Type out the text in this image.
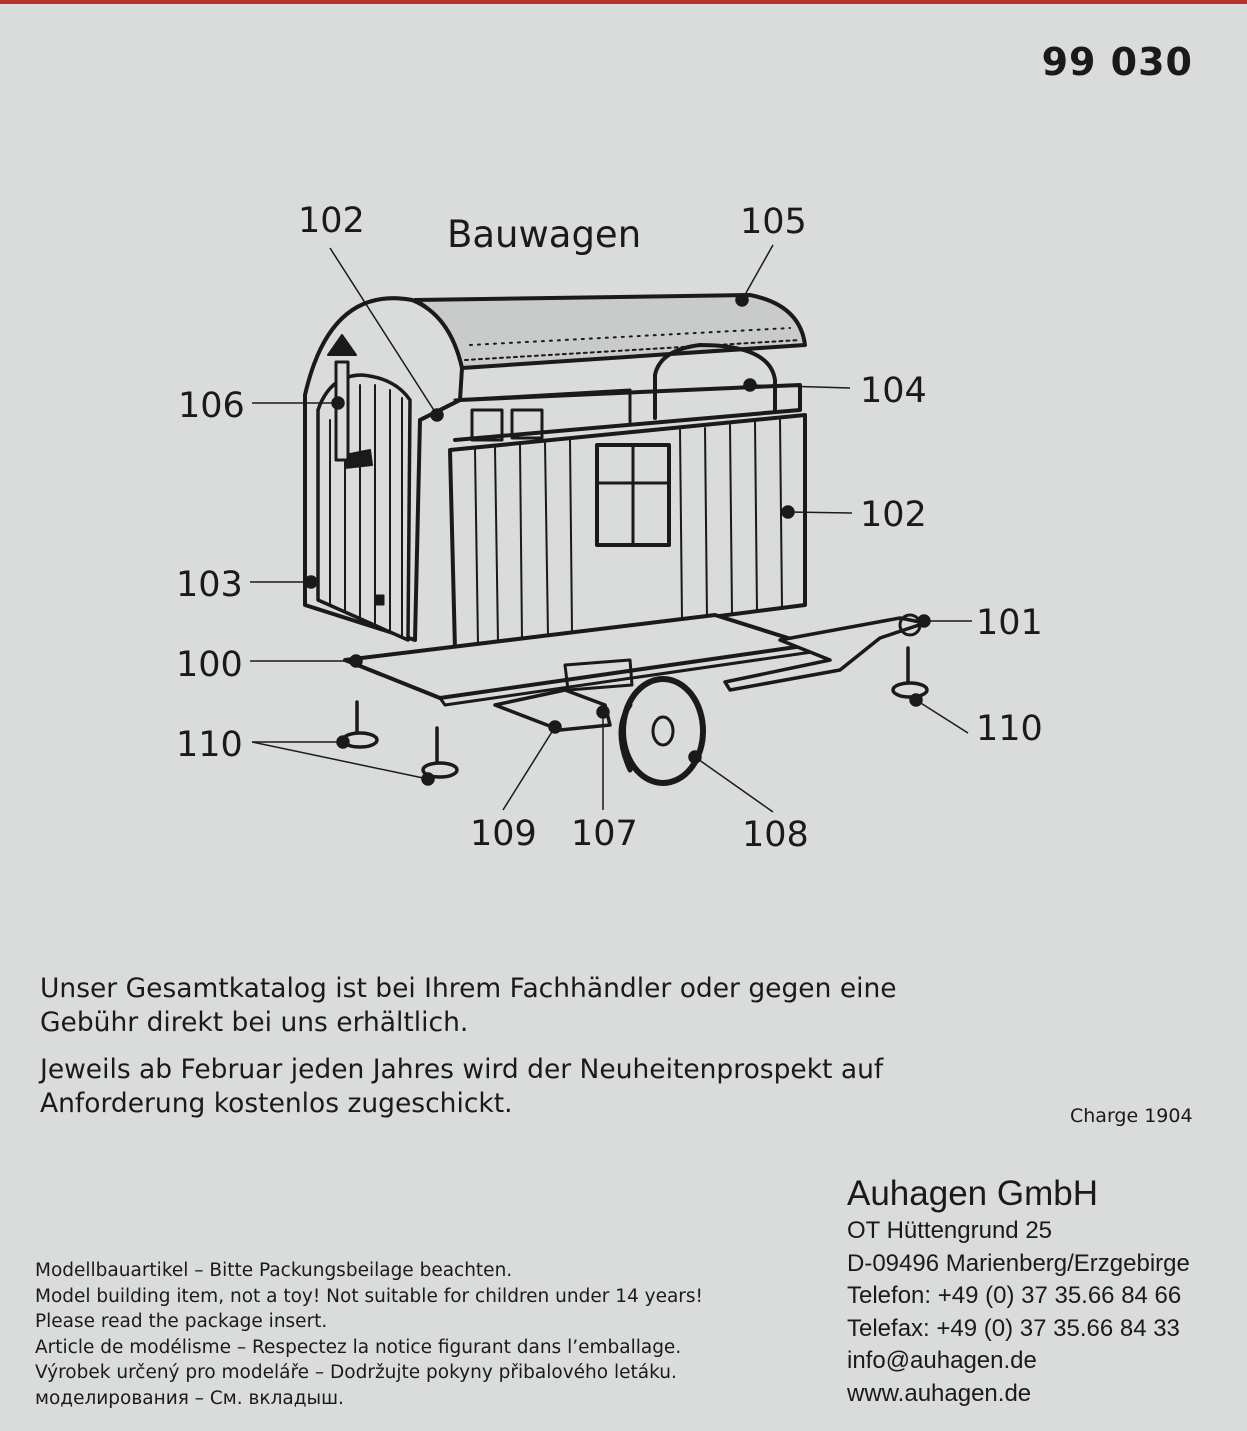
99 030
Bauwagen
102	105
106	104
102
103
101
100
110	110
109 107	108

Unser Gesamtkatalog ist bei Ihrem Fachhändler oder gegen eine Gebühr direkt bei uns erhältlich.

Jeweils ab Februar jeden Jahres wird der Neuheitenprospekt auf Anforderung kostenlos zugeschickt.	Charge 1904
Auhagen GmbH
OT Hüttengrund 25
D-09496 Marienberg/Erzgebirge
Telefon: +49 (0) 37 35.66 84 66
Telefax: +49 (0) 37 35.66 84 33
info@auhagen.de
www.auhagen.de
Modellbauartikel – Bitte Packungsbeilage beachten.
Model building item, not a toy! Not suitable for children under 14 years!
Please read the package insert.
Article de modélisme – Respectez la notice figurant dans l’emballage.
Výrobek určený pro modeláře – Dodržujte pokyny přibalového letáku.
моделирования – См. вкладыш.
